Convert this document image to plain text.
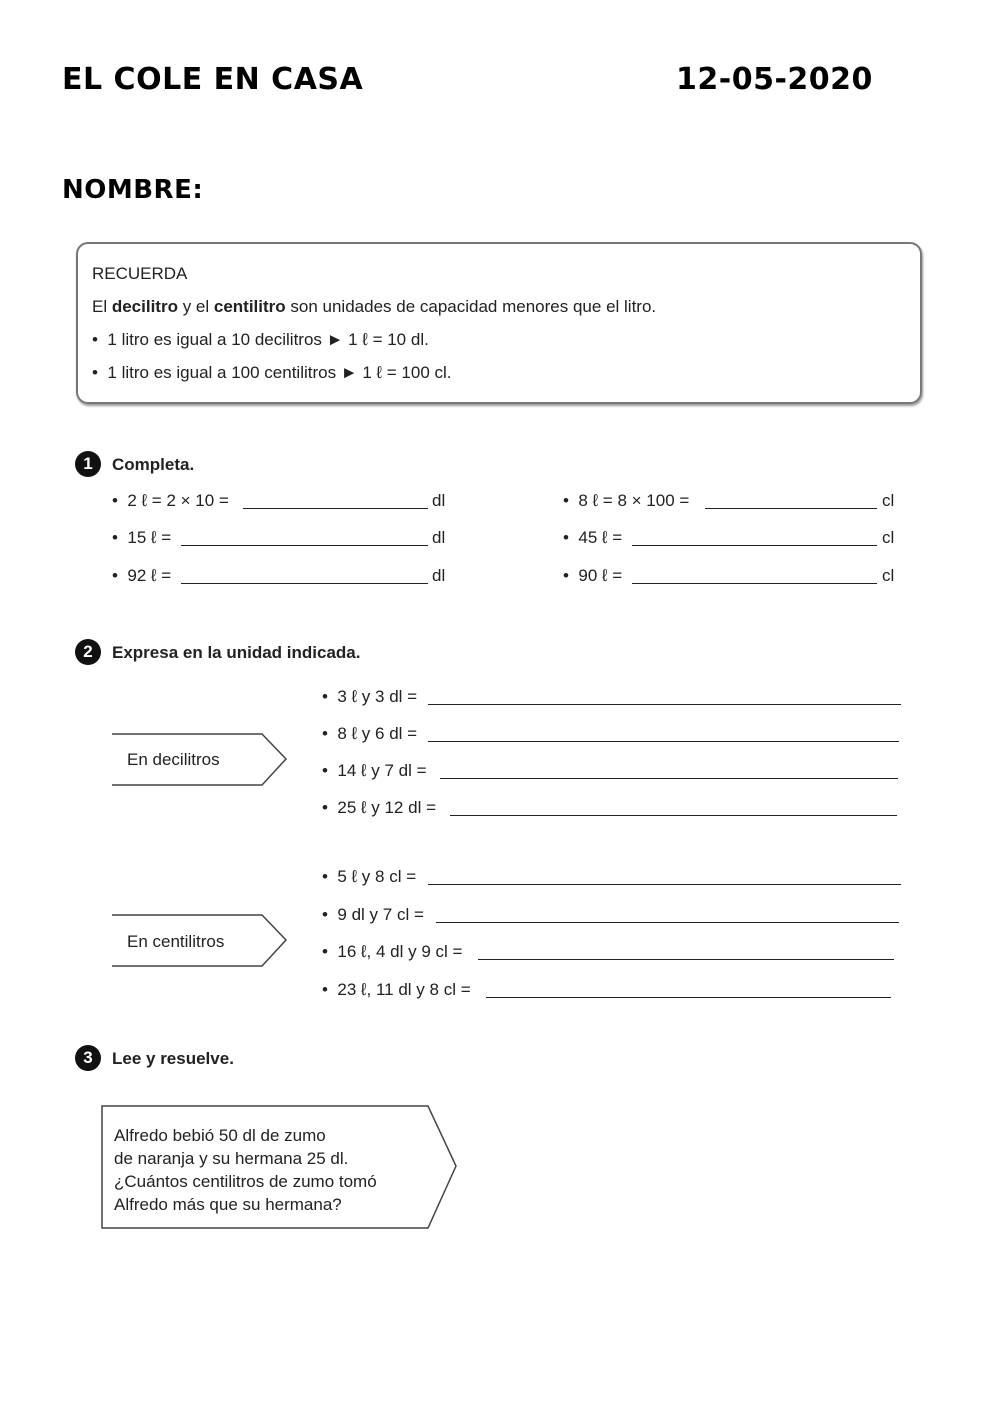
EL COLE EN CASA	12-05-2020
NOMBRE:
RECUERDA
El decilitro y el centilitro son unidades de capacidad menores que el litro.
•  1 litro es igual a 10 decilitros ► 1 ℓ = 10 dl.
•  1 litro es igual a 100 centilitros ► 1 ℓ = 100 cl.
1	Completa.
•  2 ℓ = 2 × 10 =	dl
•  15 ℓ =	dl
•  92 ℓ =	dl
•  8 ℓ = 8 × 100 =	cl
•  45 ℓ =	cl
•  90 ℓ =	cl
2	Expresa en la unidad indicada.
En decilitros
•  3 ℓ y 3 dl =
•  8 ℓ y 6 dl =
•  14 ℓ y 7 dl =
•  25 ℓ y 12 dl =
En centilitros
•  5 ℓ y 8 cl =
•  9 dl y 7 cl =
•  16 ℓ, 4 dl y 9 cl =
•  23 ℓ, 11 dl y 8 cl =
3	Lee y resuelve.
Alfredo bebió 50 dl de zumo
de naranja y su hermana 25 dl.
¿Cuántos centilitros de zumo tomó
Alfredo más que su hermana?
